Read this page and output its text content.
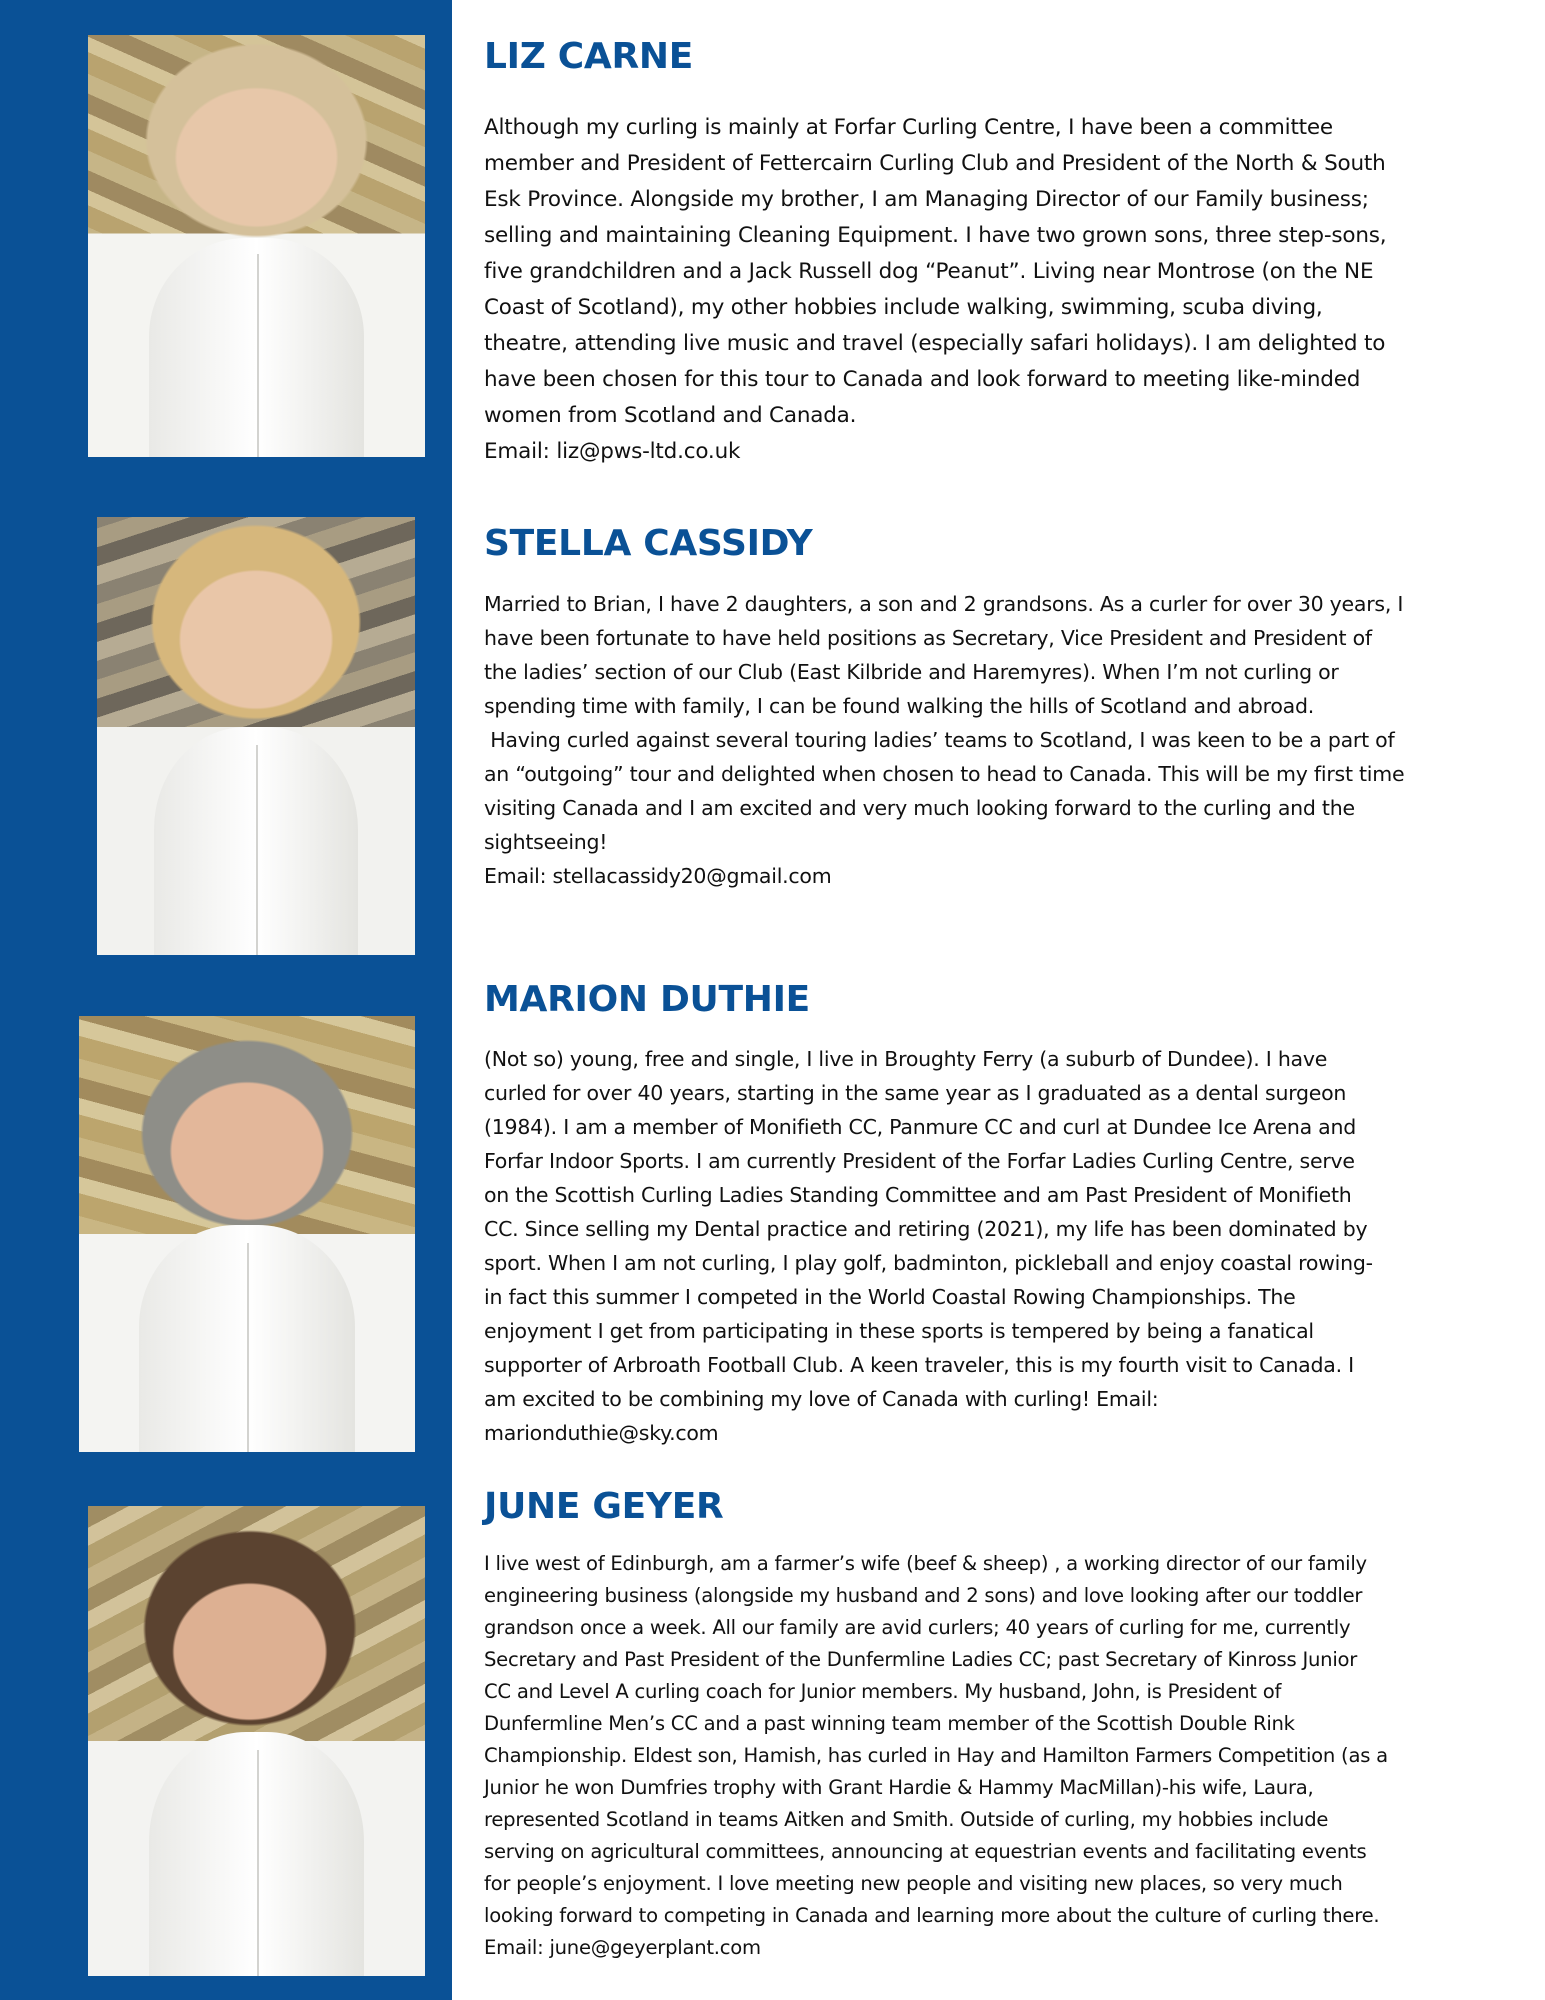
LIZ CARNE

Although my curling is mainly at Forfar Curling Centre, I have been a committee
member and President of Fettercairn Curling Club and President of the North & South
Esk Province. Alongside my brother, I am Managing Director of our Family business;
selling and maintaining Cleaning Equipment. I have two grown sons, three step-sons,
five grandchildren and a Jack Russell dog “Peanut”. Living near Montrose (on the NE
Coast of Scotland), my other hobbies include walking, swimming, scuba diving,
theatre, attending live music and travel (especially safari holidays). I am delighted to
have been chosen for this tour to Canada and look forward to meeting like-minded
women from Scotland and Canada.
Email: liz@pws-ltd.co.uk

STELLA CASSIDY

Married to Brian, I have 2 daughters, a son and 2 grandsons. As a curler for over 30 years, I
have been fortunate to have held positions as Secretary, Vice President and President of
the ladies’ section of our Club (East Kilbride and Haremyres). When I’m not curling or
spending time with family, I can be found walking the hills of Scotland and abroad.
Having curled against several touring ladies’ teams to Scotland, I was keen to be a part of
an “outgoing” tour and delighted when chosen to head to Canada. This will be my first time
visiting Canada and I am excited and very much looking forward to the curling and the
sightseeing!
Email: stellacassidy20@gmail.com

MARION DUTHIE

(Not so) young, free and single, I live in Broughty Ferry (a suburb of Dundee). I have
curled for over 40 years, starting in the same year as I graduated as a dental surgeon
(1984). I am a member of Monifieth CC, Panmure CC and curl at Dundee Ice Arena and
Forfar Indoor Sports. I am currently President of the Forfar Ladies Curling Centre, serve
on the Scottish Curling Ladies Standing Committee and am Past President of Monifieth
CC. Since selling my Dental practice and retiring (2021), my life has been dominated by
sport. When I am not curling, I play golf, badminton, pickleball and enjoy coastal rowing-
in fact this summer I competed in the World Coastal Rowing Championships. The
enjoyment I get from participating in these sports is tempered by being a fanatical
supporter of Arbroath Football Club. A keen traveler, this is my fourth visit to Canada. I
am excited to be combining my love of Canada with curling! Email:
marionduthie@sky.com

JUNE GEYER

I live west of Edinburgh, am a farmer’s wife (beef & sheep) , a working director of our family
engineering business (alongside my husband and 2 sons) and love looking after our toddler
grandson once a week. All our family are avid curlers; 40 years of curling for me, currently
Secretary and Past President of the Dunfermline Ladies CC; past Secretary of Kinross Junior
CC and Level A curling coach for Junior members. My husband, John, is President of
Dunfermline Men’s CC and a past winning team member of the Scottish Double Rink
Championship. Eldest son, Hamish, has curled in Hay and Hamilton Farmers Competition (as a
Junior he won Dumfries trophy with Grant Hardie & Hammy MacMillan)-his wife, Laura,
represented Scotland in teams Aitken and Smith. Outside of curling, my hobbies include
serving on agricultural committees, announcing at equestrian events and facilitating events
for people’s enjoyment. I love meeting new people and visiting new places, so very much
looking forward to competing in Canada and learning more about the culture of curling there.
Email: june@geyerplant.com
